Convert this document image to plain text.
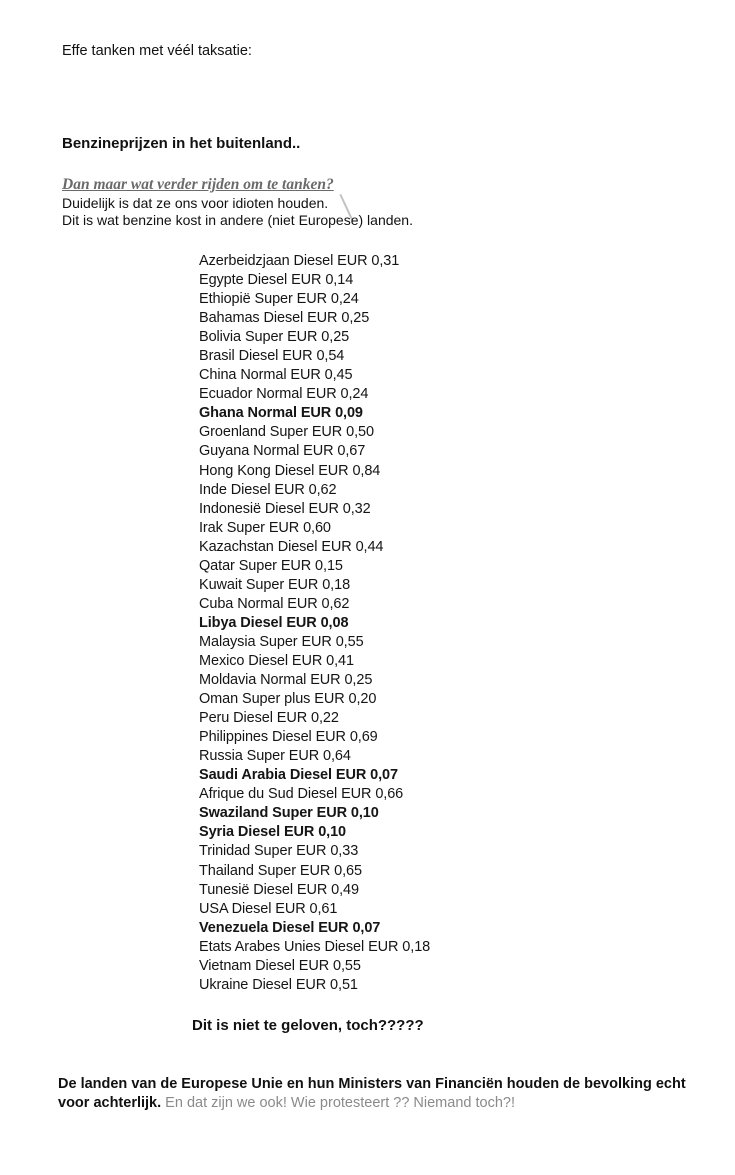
Effe tanken met véél taksatie:

Benzineprijzen in het buitenland..

Dan maar wat verder rijden om te tanken?

Duidelijk is dat ze ons voor idioten houden.
Dit is wat benzine kost in andere (niet Europese) landen.

Azerbeidzjaan Diesel EUR 0,31
Egypte Diesel EUR 0,14
Ethiopië Super EUR 0,24
Bahamas Diesel EUR 0,25
Bolivia Super EUR 0,25
Brasil Diesel EUR 0,54
China Normal EUR 0,45
Ecuador Normal EUR 0,24
Ghana Normal EUR 0,09
Groenland Super EUR 0,50
Guyana Normal EUR 0,67
Hong Kong Diesel EUR 0,84
Inde Diesel EUR 0,62
Indonesië Diesel EUR 0,32
Irak Super EUR 0,60
Kazachstan Diesel EUR 0,44
Qatar Super EUR 0,15
Kuwait Super EUR 0,18
Cuba Normal EUR 0,62
Libya Diesel EUR 0,08
Malaysia Super EUR 0,55
Mexico Diesel EUR 0,41
Moldavia Normal EUR 0,25
Oman Super plus EUR 0,20
Peru Diesel EUR 0,22
Philippines Diesel EUR 0,69
Russia Super EUR 0,64
Saudi Arabia Diesel EUR 0,07
Afrique du Sud Diesel EUR 0,66
Swaziland Super EUR 0,10
Syria Diesel EUR 0,10
Trinidad Super EUR 0,33
Thailand Super EUR 0,65
Tunesië Diesel EUR 0,49
USA Diesel EUR 0,61
Venezuela Diesel EUR 0,07
Etats Arabes Unies Diesel EUR 0,18
Vietnam Diesel EUR 0,55
Ukraine Diesel EUR 0,51

Dit is niet te geloven, toch?????

De landen van de Europese Unie en hun Ministers van Financiën houden de bevolking echt voor achterlijk. En dat zijn we ook! Wie protesteert ?? Niemand toch?!
